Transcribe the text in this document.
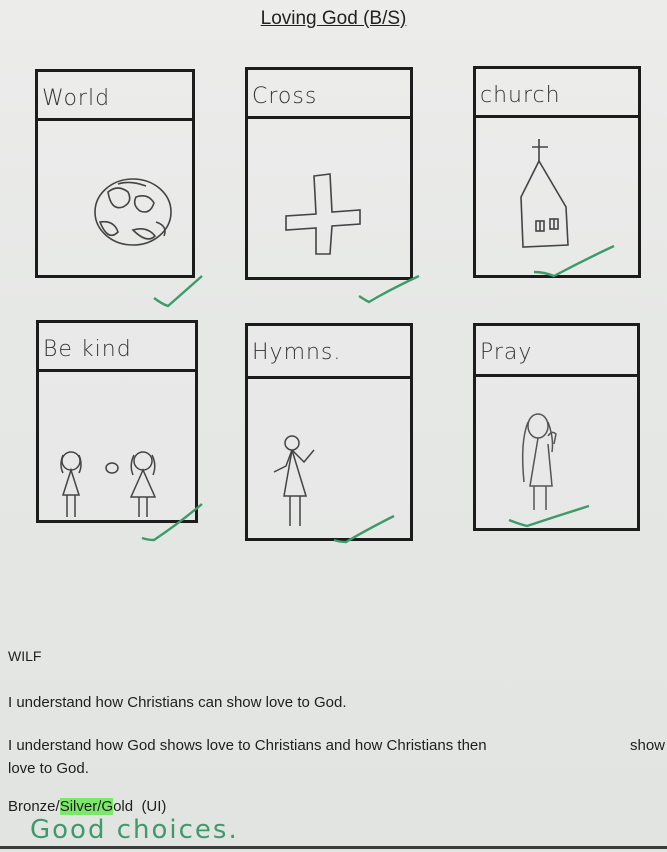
Loving God (B/S)
World	Cross	church
Be kind	Hymns.	Pray
WILF
I understand how Christians can show love to God.
I understand how God shows love to Christians and how Christians then	show
love to God.
Bronze/Silver/Gold (UI)
Good choices.
